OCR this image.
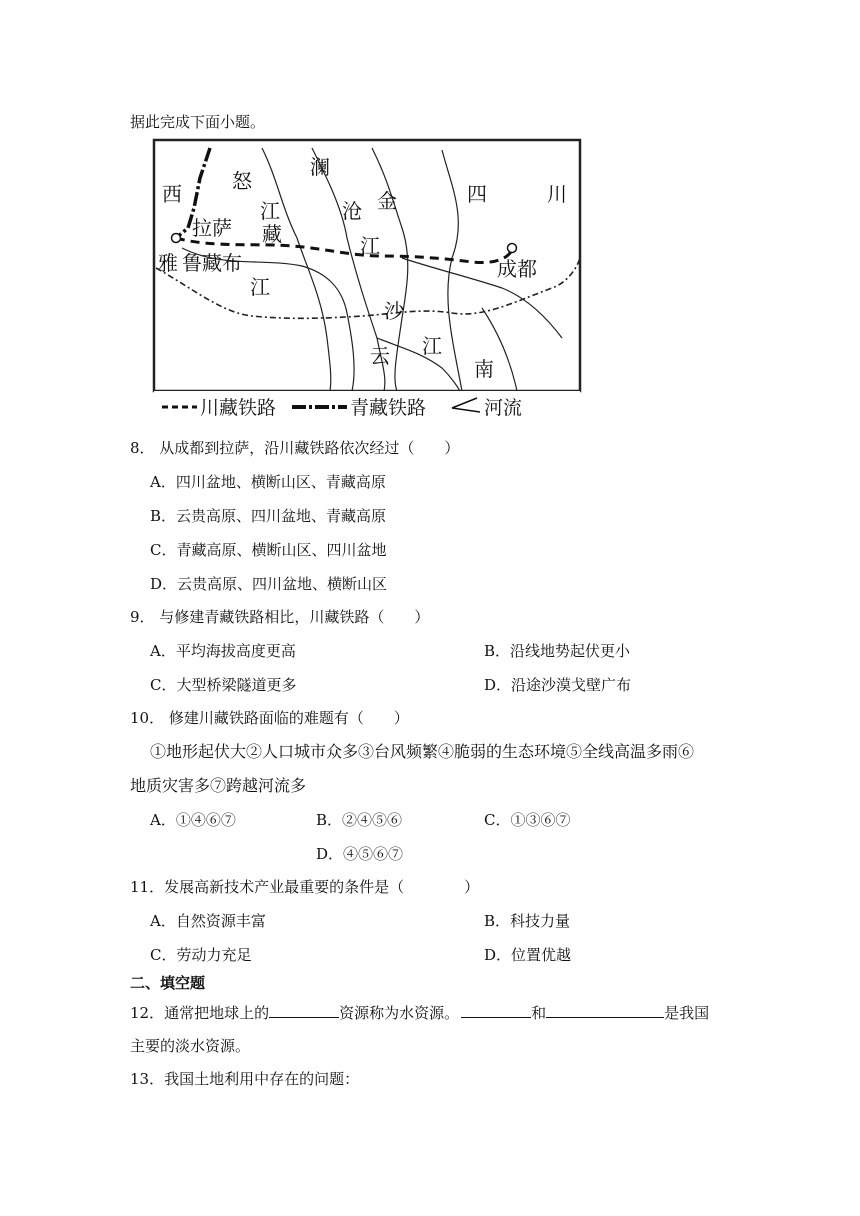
据此完成下面小题。
西
怒
澜
江	沧 金	四	川
拉萨 藏	江
成都
雅 鲁藏布
江
沙
云 江
南
川藏铁路	青藏铁路	河流
8． 从成都到拉萨，沿川藏铁路依次经过（　　）
A．四川盆地、横断山区、青藏高原
B．云贵高原、四川盆地、青藏高原
C．青藏高原、横断山区、四川盆地
D．云贵高原、四川盆地、横断山区
9． 与修建青藏铁路相比，川藏铁路（　　）
A．平均海拔高度更高	B．沿线地势起伏更小
C．大型桥梁隧道更多	D．沿途沙漠戈壁广布
10． 修建川藏铁路面临的难题有（　　）
①地形起伏大②人口城市众多③台风频繁④脆弱的生态环境⑤全线高温多雨⑥
地质灾害多⑦跨越河流多
A．①④⑥⑦	B．②④⑤⑥	C．①③⑥⑦
D．④⑤⑥⑦
11．发展高新技术产业最重要的条件是（　　　　）
A．自然资源丰富	B．科技力量
C．劳动力充足	D．位置优越
二、填空题
12．通常把地球上的	资源称为水资源。	和	是我国
主要的淡水资源。
13．我国土地利用中存在的问题：
